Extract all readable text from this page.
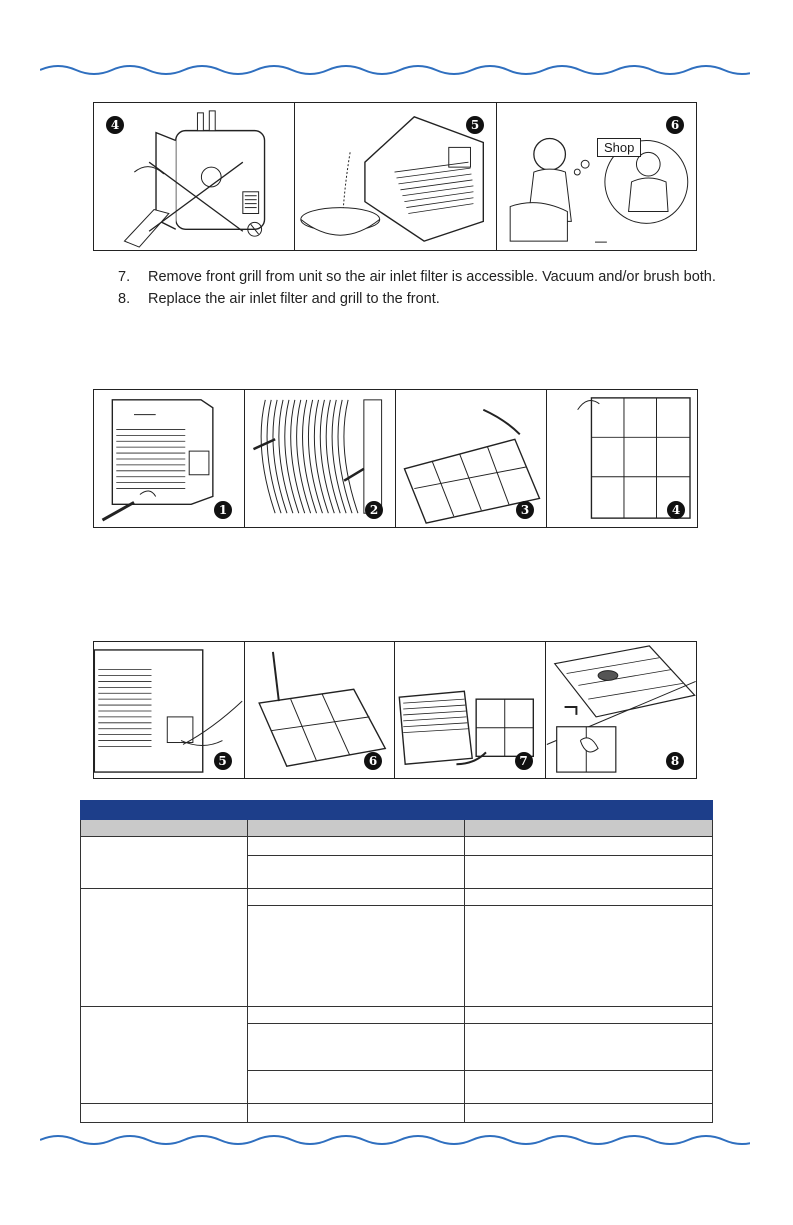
4	5
Shop
6
7.	Remove front grill from unit so the air inlet filter is accessible. Vacuum and/or brush both.
8.	Replace the air inlet filter and grill to the front.
1	2	3	4
5	6	7	8
